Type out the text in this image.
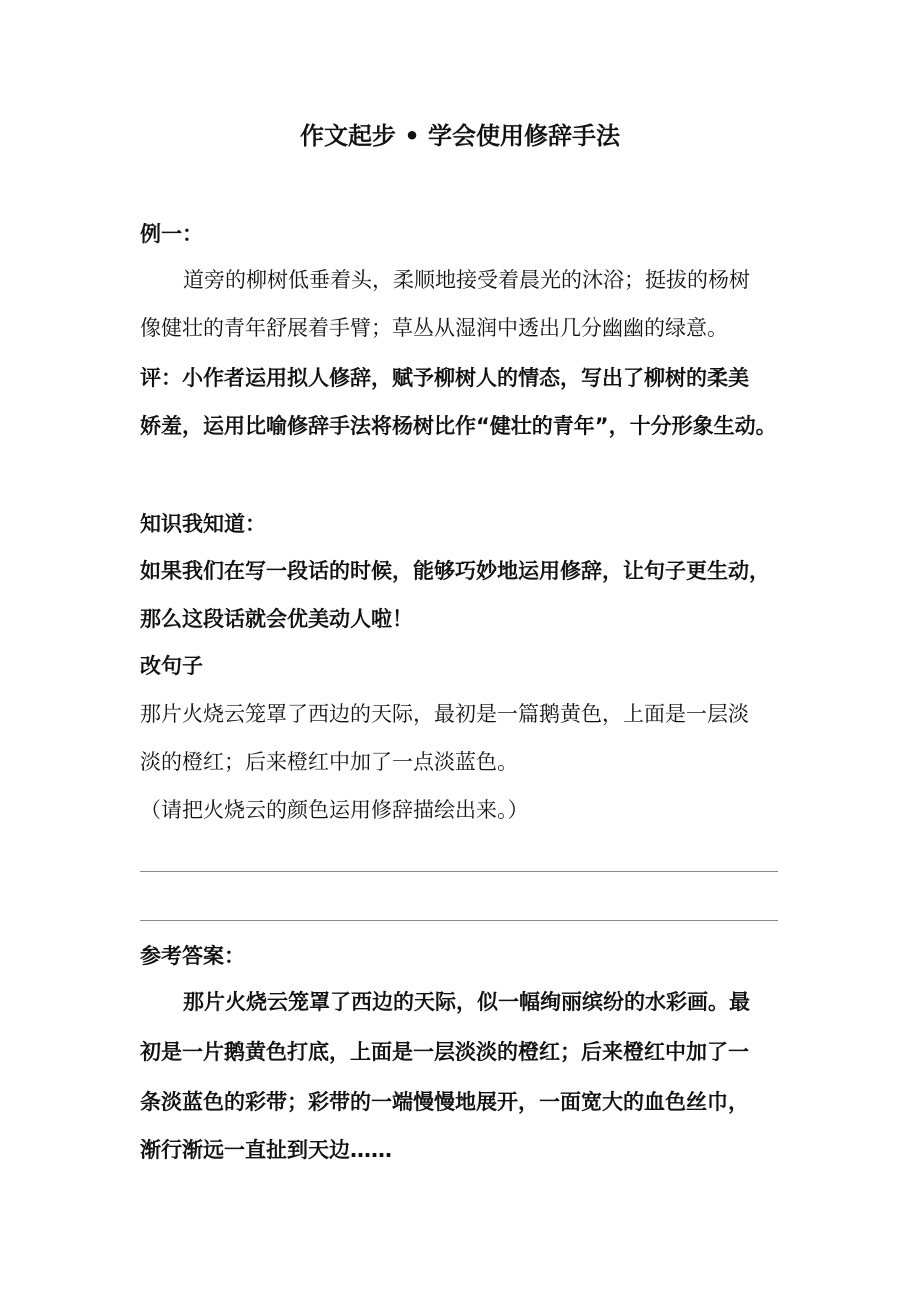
作文起步 • 学会使用修辞手法
例一：
道旁的柳树低垂着头，柔顺地接受着晨光的沐浴；挺拔的杨树
像健壮的青年舒展着手臂；草丛从湿润中透出几分幽幽的绿意。
评：小作者运用拟人修辞，赋予柳树人的情态，写出了柳树的柔美
娇羞，运用比喻修辞手法将杨树比作“健壮的青年”，十分形象生动。
知识我知道：
如果我们在写一段话的时候，能够巧妙地运用修辞，让句子更生动，
那么这段话就会优美动人啦！
改句子
那片火烧云笼罩了西边的天际，最初是一篇鹅黄色，上面是一层淡
淡的橙红；后来橙红中加了一点淡蓝色。
（请把火烧云的颜色运用修辞描绘出来。）
参考答案：
那片火烧云笼罩了西边的天际，似一幅绚丽缤纷的水彩画。最
初是一片鹅黄色打底，上面是一层淡淡的橙红；后来橙红中加了一
条淡蓝色的彩带；彩带的一端慢慢地展开，一面宽大的血色丝巾，
渐行渐远一直扯到天边……
